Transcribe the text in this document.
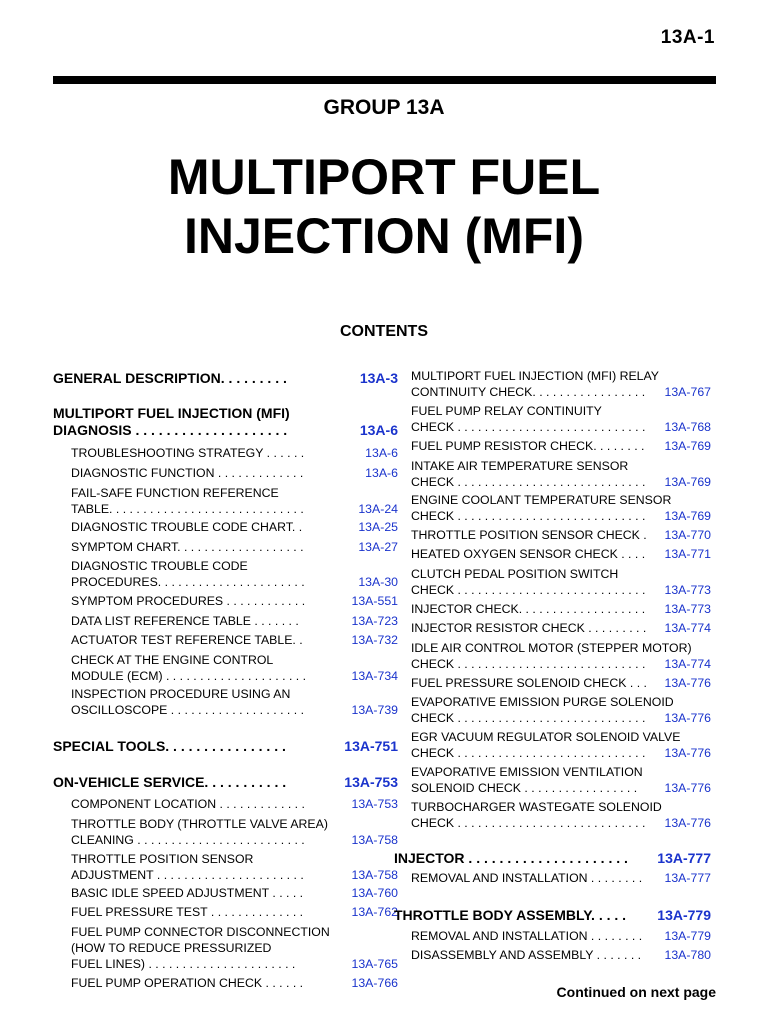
13A-1
GROUP 13A
MULTIPORT FUEL
INJECTION (MFI)
CONTENTS
GENERAL DESCRIPTION. . . . . . . . .	13A-3
MULTIPORT FUEL INJECTION (MFI)
DIAGNOSIS . . . . . . . . . . . . . . . . . . . .	13A-6
TROUBLESHOOTING STRATEGY . . . . . .	13A-6
DIAGNOSTIC FUNCTION . . . . . . . . . . . . .	13A-6
FAIL-SAFE FUNCTION REFERENCE
TABLE. . . . . . . . . . . . . . . . . . . . . . . . . . . . .	13A-24
DIAGNOSTIC TROUBLE CODE CHART. .	13A-25
SYMPTOM CHART. . . . . . . . . . . . . . . . . . .	13A-27
DIAGNOSTIC TROUBLE CODE
PROCEDURES. . . . . . . . . . . . . . . . . . . . . .	13A-30
SYMPTOM PROCEDURES . . . . . . . . . . . .	13A-551
DATA LIST REFERENCE TABLE . . . . . . .	13A-723
ACTUATOR TEST REFERENCE TABLE. .	13A-732
CHECK AT THE ENGINE CONTROL
MODULE (ECM) . . . . . . . . . . . . . . . . . . . . .	13A-734
INSPECTION PROCEDURE USING AN
OSCILLOSCOPE . . . . . . . . . . . . . . . . . . . .	13A-739
SPECIAL TOOLS. . . . . . . . . . . . . . . .	13A-751
ON-VEHICLE SERVICE. . . . . . . . . . .	13A-753
COMPONENT LOCATION . . . . . . . . . . . . .	13A-753
THROTTLE BODY (THROTTLE VALVE AREA)
CLEANING . . . . . . . . . . . . . . . . . . . . . . . . .	13A-758
THROTTLE POSITION SENSOR
ADJUSTMENT . . . . . . . . . . . . . . . . . . . . . .	13A-758
BASIC IDLE SPEED ADJUSTMENT . . . . .	13A-760
FUEL PRESSURE TEST . . . . . . . . . . . . . .	13A-762
FUEL PUMP CONNECTOR DISCONNECTION
(HOW TO REDUCE PRESSURIZED
FUEL LINES) . . . . . . . . . . . . . . . . . . . . . .	13A-765
FUEL PUMP OPERATION CHECK . . . . . .	13A-766
MULTIPORT FUEL INJECTION (MFI) RELAY
CONTINUITY CHECK. . . . . . . . . . . . . . . . . 13A-767
FUEL PUMP RELAY CONTINUITY
CHECK . . . . . . . . . . . . . . . . . . . . . . . . . . . . 13A-768
FUEL PUMP RESISTOR CHECK. . . . . . . . 13A-769
INTAKE AIR TEMPERATURE SENSOR
CHECK . . . . . . . . . . . . . . . . . . . . . . . . . . . . 13A-769
ENGINE COOLANT TEMPERATURE SENSOR
CHECK . . . . . . . . . . . . . . . . . . . . . . . . . . . . 13A-769
THROTTLE POSITION SENSOR CHECK . 13A-770
HEATED OXYGEN SENSOR CHECK . . . . 13A-771
CLUTCH PEDAL POSITION SWITCH
CHECK . . . . . . . . . . . . . . . . . . . . . . . . . . . . 13A-773
INJECTOR CHECK. . . . . . . . . . . . . . . . . . . 13A-773
INJECTOR RESISTOR CHECK . . . . . . . . . 13A-774
IDLE AIR CONTROL MOTOR (STEPPER MOTOR)
CHECK . . . . . . . . . . . . . . . . . . . . . . . . . . . . 13A-774
FUEL PRESSURE SOLENOID CHECK . . . 13A-776
EVAPORATIVE EMISSION PURGE SOLENOID
CHECK . . . . . . . . . . . . . . . . . . . . . . . . . . . . 13A-776
EGR VACUUM REGULATOR SOLENOID VALVE
CHECK . . . . . . . . . . . . . . . . . . . . . . . . . . . . 13A-776
EVAPORATIVE EMISSION VENTILATION
SOLENOID CHECK . . . . . . . . . . . . . . . . . 13A-776
TURBOCHARGER WASTEGATE SOLENOID
CHECK . . . . . . . . . . . . . . . . . . . . . . . . . . . . 13A-776
INJECTOR . . . . . . . . . . . . . . . . . . . . . 13A-777
REMOVAL AND INSTALLATION . . . . . . . . 13A-777
THROTTLE BODY ASSEMBLY. . . . . 13A-779
REMOVAL AND INSTALLATION . . . . . . . . 13A-779
DISASSEMBLY AND ASSEMBLY . . . . . . . 13A-780
Continued on next page
